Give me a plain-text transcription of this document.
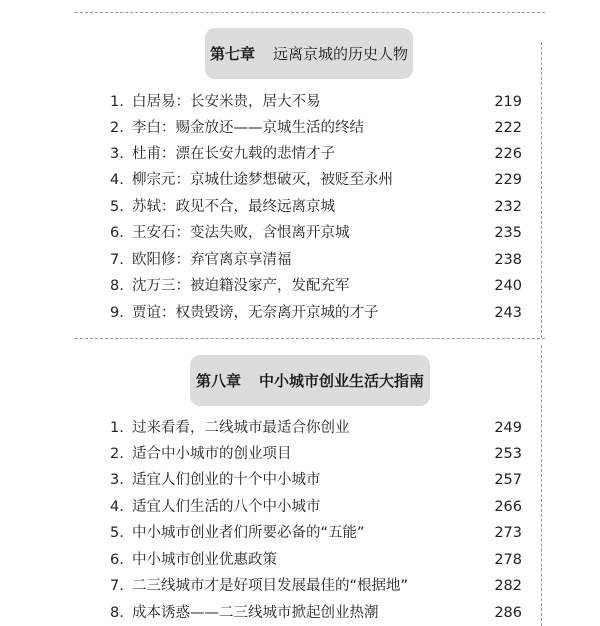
第七章 远离京城的历史人物
1. 白居易：长安米贵，居大不易	219
2. 李白：赐金放还——京城生活的终结	222
3. 杜甫：漂在长安九载的悲情才子	226
4. 柳宗元：京城仕途梦想破灭，被贬至永州	229
5. 苏轼：政见不合，最终远离京城	232
6. 王安石：变法失败，含恨离开京城	235
7. 欧阳修：弃官离京享清福	238
8. 沈万三：被迫籍没家产，发配充军	240
9. 贾谊：权贵毁谤，无奈离开京城的才子	243
第八章 中小城市创业生活大指南
1. 过来看看，二线城市最适合你创业	249
2. 适合中小城市的创业项目	253
3. 适宜人们创业的十个中小城市	257
4. 适宜人们生活的八个中小城市	266
5. 中小城市创业者们所要必备的“五能”	273
6. 中小城市创业优惠政策	278
7. 二三线城市才是好项目发展最佳的“根据地”	282
8. 成本诱惑——二三线城市掀起创业热潮	286
